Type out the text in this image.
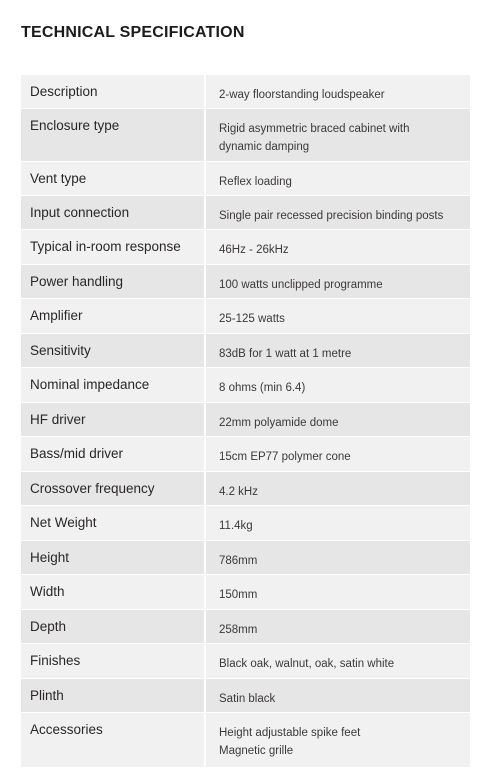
TECHNICAL SPECIFICATION
Description	2-way floorstanding loudspeaker
Enclosure type	Rigid asymmetric braced cabinet with
dynamic damping

Vent type	Reflex loading
Input connection	Single pair recessed precision binding posts
Typical in-room response	46Hz - 26kHz
Power handling	100 watts unclipped programme
Amplifier	25-125 watts
Sensitivity	83dB for 1 watt at 1 metre
Nominal impedance	8 ohms (min 6.4)
HF driver	22mm polyamide dome
Bass/mid driver	15cm EP77 polymer cone
Crossover frequency	4.2 kHz
Net Weight	11.4kg
Height	786mm
Width	150mm
Depth	258mm
Finishes	Black oak, walnut, oak, satin white
Plinth	Satin black
Accessories	Height adjustable spike feet
Magnetic grille
